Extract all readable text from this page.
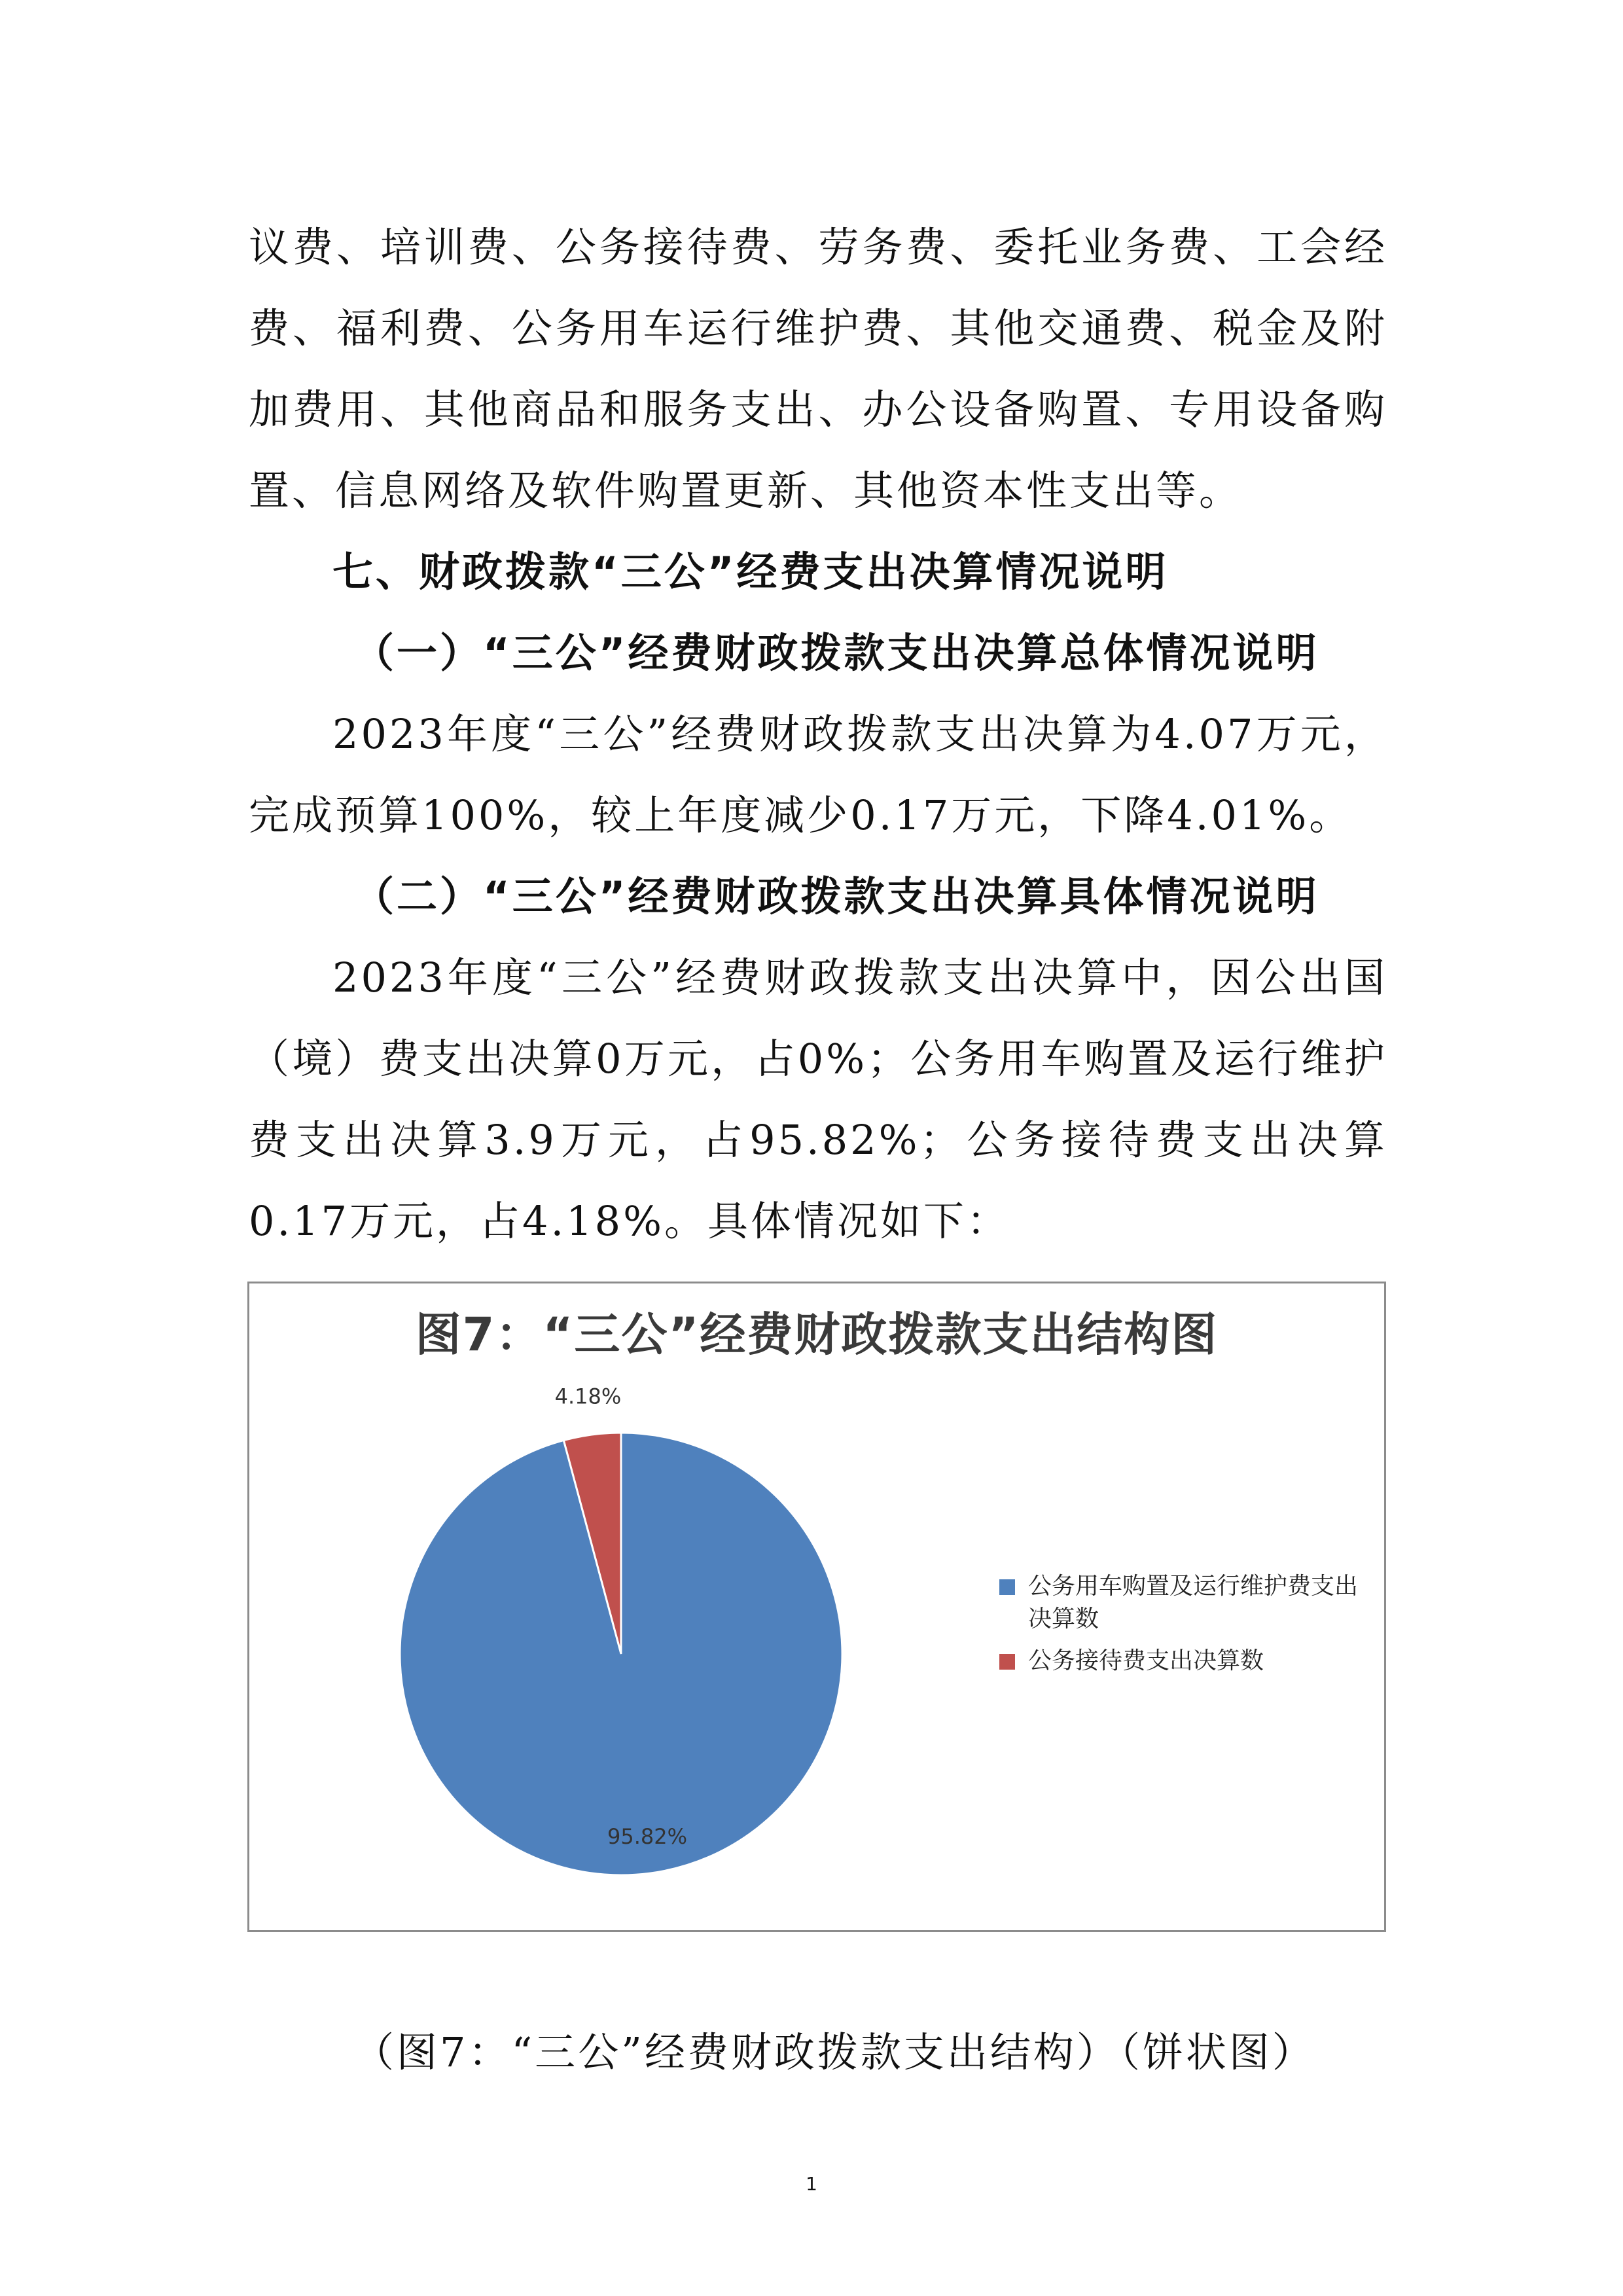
议费、培训费、公务接待费、劳务费、委托业务费、工会经费、福利费、公务用车运行维护费、其他交通费、税金及附加费用、其他商品和服务支出、办公设备购置、专用设备购置、信息网络及软件购置更新、其他资本性支出等。

七、财政拨款“三公”经费支出决算情况说明

（一）“三公”经费财政拨款支出决算总体情况说明

2023年度“三公”经费财政拨款支出决算为4.07万元，完成预算100%，较上年度减少0.17万元，下降4.01%。

（二）“三公”经费财政拨款支出决算具体情况说明

2023年度“三公”经费财政拨款支出决算中，因公出国（境）费支出决算0万元，占0%；公务用车购置及运行维护费支出决算3.9万元，占95.82%；公务接待费支出决算0.17万元，占4.18%。具体情况如下：

图7：“三公”经费财政拨款支出结构图
4.18%
95.82%
公务用车购置及运行维护费支出决算数
公务接待费支出决算数
（图7：“三公”经费财政拨款支出结构）（饼状图）
1
